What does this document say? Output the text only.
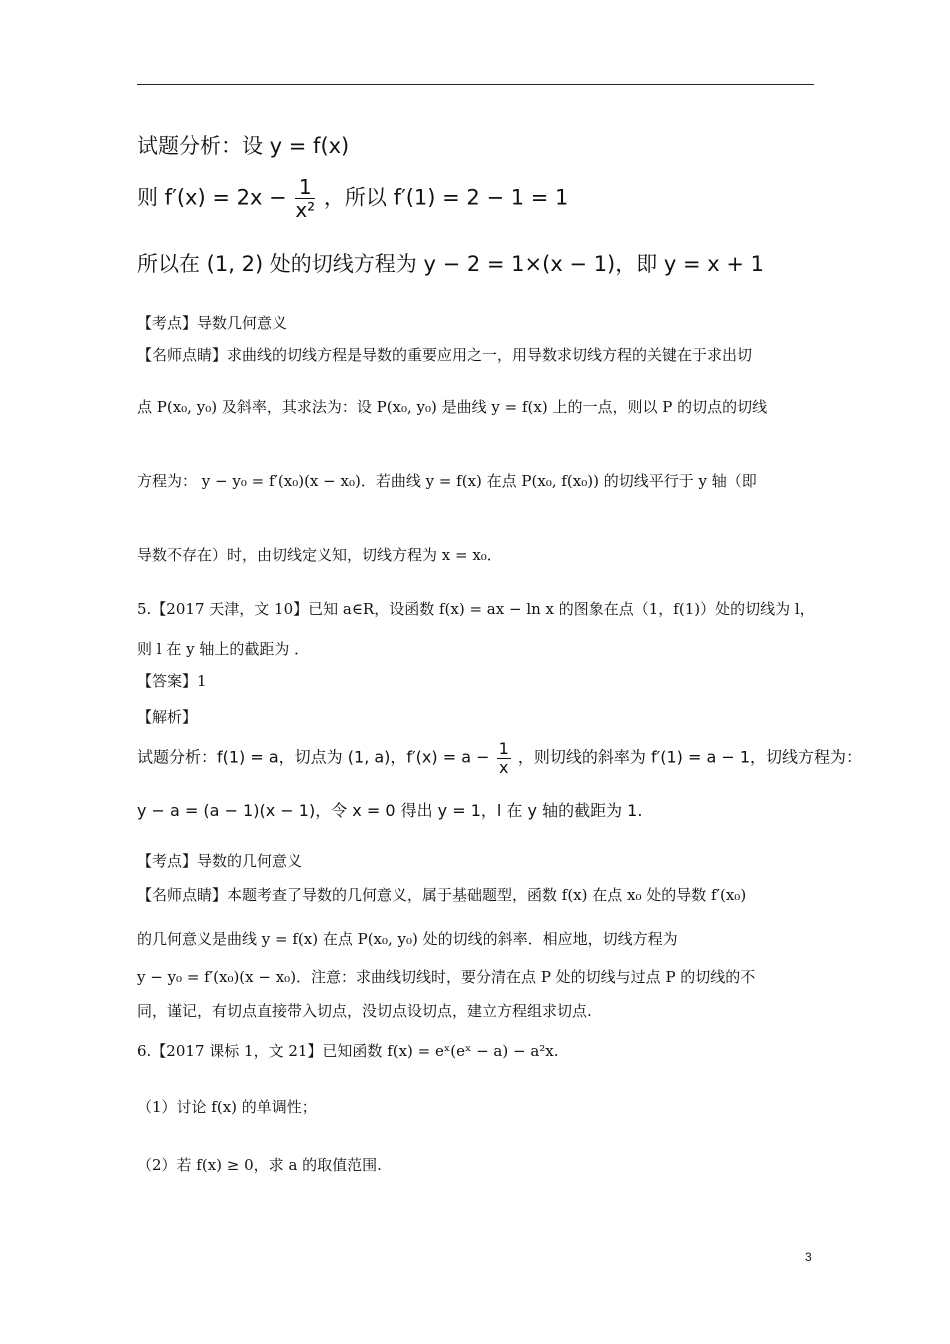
试题分析：设 y = f(x)
则 $f'(x) = 2x - \frac{1}{\text{x²}}$ ，所以 f′(1) = 2 − 1 = 1
所以在 (1, 2) 处的切线方程为 y − 2 = 1×(x − 1)，即 y = x + 1
【考点】导数几何意义
【名师点睛】求曲线的切线方程是导数的重要应用之一，用导数求切线方程的关键在于求出切
点 P(x₀, y₀) 及斜率，其求法为：设 P(x₀, y₀) 是曲线 y = f(x) 上的一点，则以 P 的切点的切线
方程为： y − y₀ = f′(x₀)(x − x₀)．若曲线 y = f(x) 在点 P(x₀, f(x₀)) 的切线平行于 y 轴（即
导数不存在）时，由切线定义知，切线方程为 x = x₀．
5.【2017 天津，文 10】已知 a∈R，设函数 f(x) = ax − ln x 的图象在点（1，f(1)）处的切线为 l，
则 l 在 y 轴上的截距为 ．
【答案】1
【解析】
试题分析：f(1) = a，切点为 (1, a)，$f'(x) = a - \frac{1}{x}$ ，则切线的斜率为 f′(1) = a − 1，切线方程为：
y − a = (a − 1)(x − 1)，令 x = 0 得出 y = 1，l 在 y 轴的截距为 1.
【考点】导数的几何意义
【名师点睛】本题考查了导数的几何意义，属于基础题型，函数 f(x) 在点 x₀ 处的导数 f′(x₀)
的几何意义是曲线 y = f(x) 在点 P(x₀, y₀) 处的切线的斜率．相应地，切线方程为
y − y₀ = f′(x₀)(x − x₀)．注意：求曲线切线时，要分清在点 P 处的切线与过点 P 的切线的不
同，谨记，有切点直接带入切点，没切点设切点，建立方程组求切点.
6.【2017 课标 1，文 21】已知函数 f(x) = eˣ(eˣ − a) − a²x.
（1）讨论 f(x) 的单调性；
（2）若 f(x) ≥ 0，求 a 的取值范围.
3
